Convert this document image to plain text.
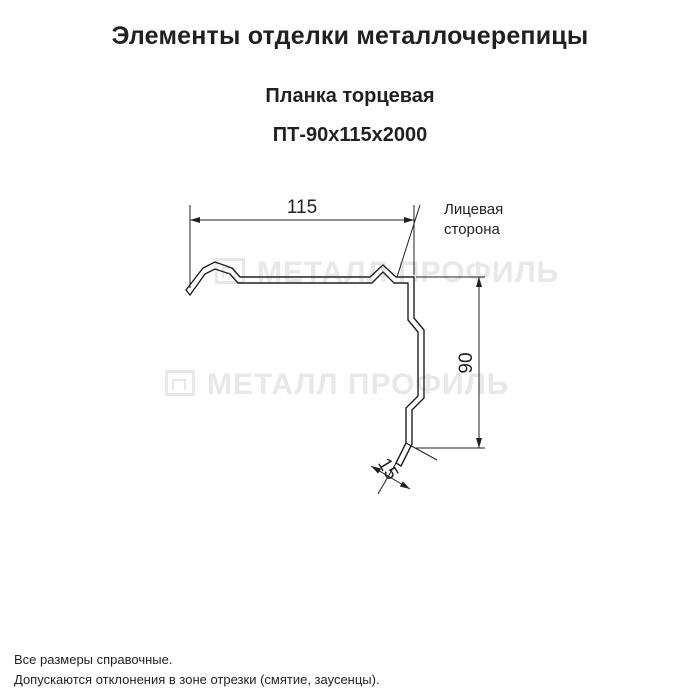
Элементы отделки металлочерепицы
Планка торцевая
ПТ-90х115х2000
МЕТАЛЛ ПРОФИЛЬ
МЕТАЛЛ ПРОФИЛЬ
115
90
15
Лицевая
сторона
Все размеры справочные.
Допускаются отклонения в зоне отрезки (смятие, заусенцы).
